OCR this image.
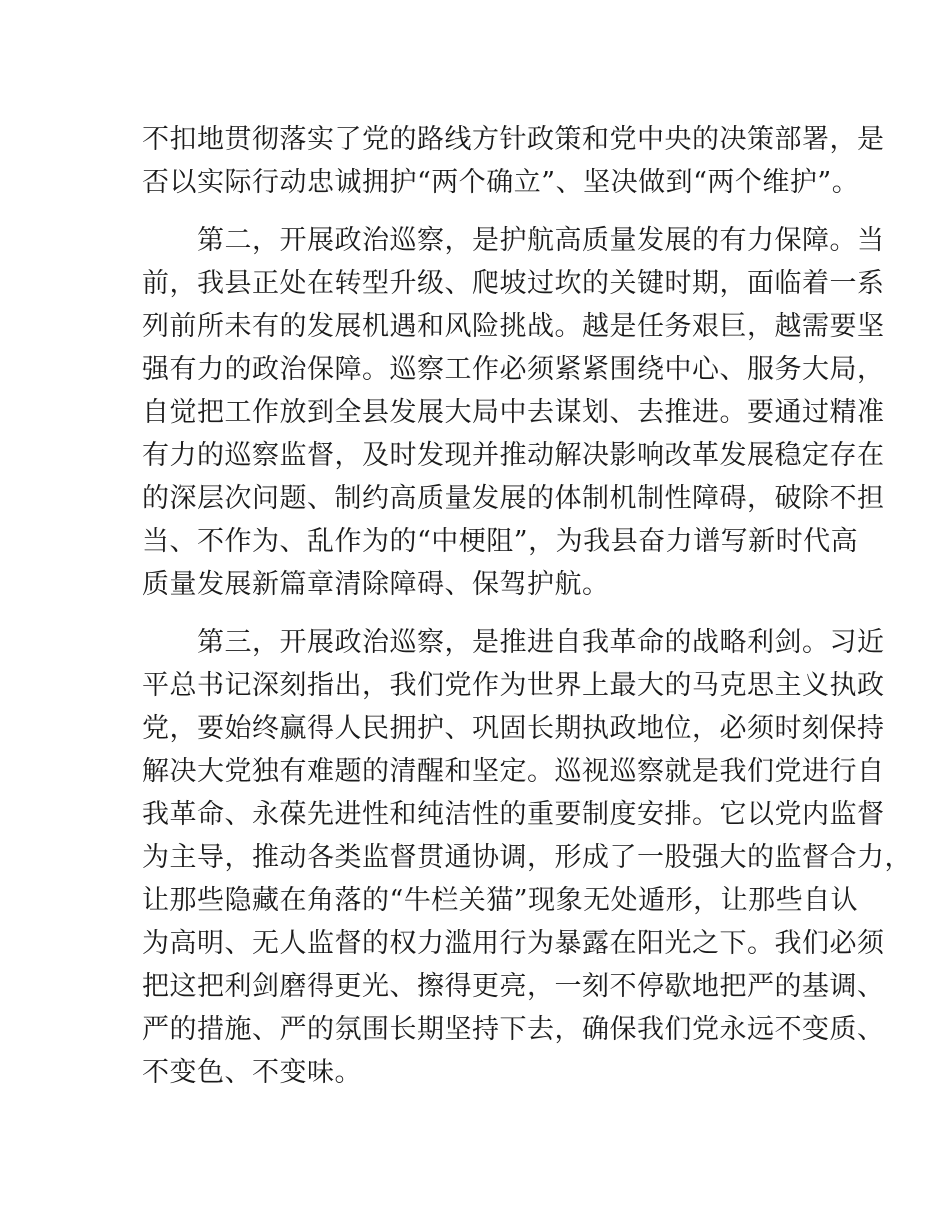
不扣地贯彻落实了党的路线方针政策和党中央的决策部署，是
否以实际行动忠诚拥护“两个确立”、坚决做到“两个维护”。
　　第二，开展政治巡察，是护航高质量发展的有力保障。当
前，我县正处在转型升级、爬坡过坎的关键时期，面临着一系
列前所未有的发展机遇和风险挑战。越是任务艰巨，越需要坚
强有力的政治保障。巡察工作必须紧紧围绕中心、服务大局，
自觉把工作放到全县发展大局中去谋划、去推进。要通过精准
有力的巡察监督，及时发现并推动解决影响改革发展稳定存在
的深层次问题、制约高质量发展的体制机制性障碍，破除不担
当、不作为、乱作为的“中梗阻”，为我县奋力谱写新时代高
质量发展新篇章清除障碍、保驾护航。
　　第三，开展政治巡察，是推进自我革命的战略利剑。习近
平总书记深刻指出，我们党作为世界上最大的马克思主义执政
党，要始终赢得人民拥护、巩固长期执政地位，必须时刻保持
解决大党独有难题的清醒和坚定。巡视巡察就是我们党进行自
我革命、永葆先进性和纯洁性的重要制度安排。它以党内监督
为主导，推动各类监督贯通协调，形成了一股强大的监督合力，
让那些隐藏在角落的“牛栏关猫”现象无处遁形，让那些自认
为高明、无人监督的权力滥用行为暴露在阳光之下。我们必须
把这把利剑磨得更光、擦得更亮，一刻不停歇地把严的基调、
严的措施、严的氛围长期坚持下去，确保我们党永远不变质、
不变色、不变味。
